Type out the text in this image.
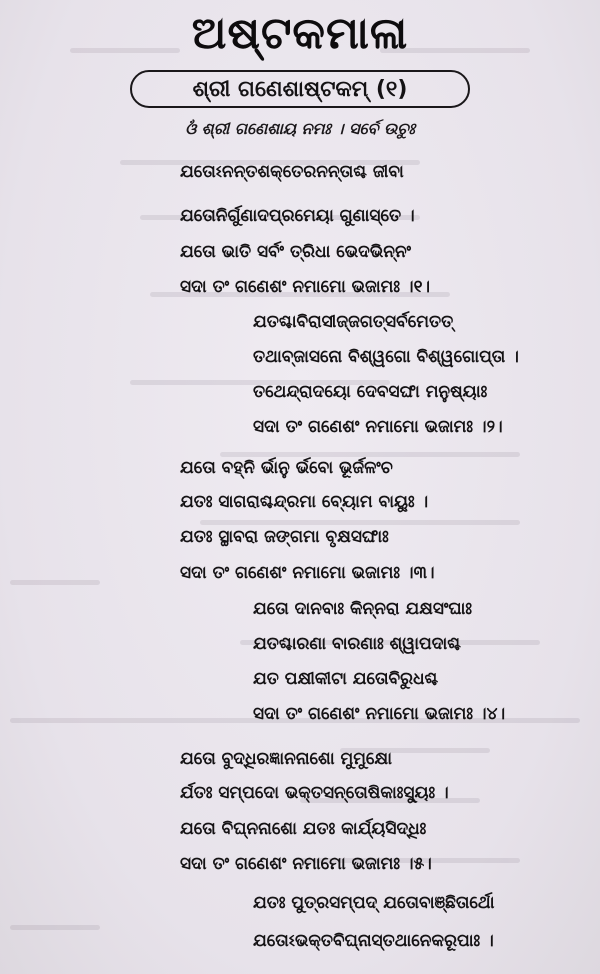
ଅଷ୍ଟକମାଳା
ଶ୍ରୀ ଗଣେଶାଷ୍ଟକମ୍ (୧)
ଓଁ ଶ୍ରୀ ଗଣେଶାୟ ନମଃ । ସର୍ବେ ଉଚୁଃ
ଯତୋଽନନ୍ତଶକ୍ତେରନନ୍ତାଶ୍ଚ ଜୀବା
ଯତୋନିର୍ଗୁଣାଦପ୍ରମେୟା ଗୁଣାସ୍ତେ ।
ଯତୋ ଭାତି ସର୍ବଂ ତ୍ରିଧା ଭେଦଭିନ୍ନଂ
ସଦା ତଂ ଗଣେଶଂ ନମାମୋ ଭଜାମଃ ।୧।
ଯତଶ୍ଚାବିରାସୀଜ୍ଜଗତ୍ସର୍ବମେତତ୍
ତଥାବ୍ଜାସନୋ ବିଶ୍ୱଗୋ ବିଶ୍ୱଗୋପ୍ତା ।
ତଥେନ୍ଦ୍ରାଦୟୋ ଦେବସଙ୍ଘା ମନୁଷ୍ୟାଃ
ସଦା ତଂ ଗଣେଶଂ ନମାମୋ ଭଜାମଃ ।୨।
ଯତୋ ବହ୍ନି ର୍ଭାନୁ ର୍ଭବୋ ଭୂର୍ଜଳଂଚ
ଯତଃ ସାଗରାଶ୍ଚନ୍ଦ୍ରମା ବ୍ୟୋମ ବାୟୁଃ ।
ଯତଃ ସ୍ଥାବରା ଜଙ୍ଗମା ବୃକ୍ଷସଙ୍ଘାଃ
ସଦା ତଂ ଗଣେଶଂ ନମାମୋ ଭଜାମଃ ।୩।
ଯତୋ ଦାନବାଃ କିନ୍ନରା ଯକ୍ଷସଂଘାଃ
ଯତଶ୍ଚାରଣା ବାରଣାଃ ଶ୍ୱାପଦାଶ୍ଚ
ଯତ ପକ୍ଷୀକୀଟା ଯତୋବିରୁଧଶ୍ଚ
ସଦା ତଂ ଗଣେଶଂ ନମାମୋ ଭଜାମଃ ।୪।
ଯତୋ ବୁଦ୍ଧିରଜ୍ଞାନନାଶୋ ମୁମୁକ୍ଷୋ
ର୍ଯତଃ ସମ୍ପଦୋ ଭକ୍ତସନ୍ତୋଷିକାଃସ୍ୟୁଃ ।
ଯତୋ ବିଘ୍ନନାଶୋ ଯତଃ କାର୍ଯ୍ୟସିଦ୍ଧିଃ
ସଦା ତଂ ଗଣେଶଂ ନମାମୋ ଭଜାମଃ ।୫।
ଯତଃ ପୁତ୍ରସମ୍ପଦ୍ ଯତୋବାଞ୍ଛିତାର୍ଥୋ
ଯତୋଽଭକ୍ତବିଘ୍ନାସ୍ତଥାନେକରୂପାଃ ।
